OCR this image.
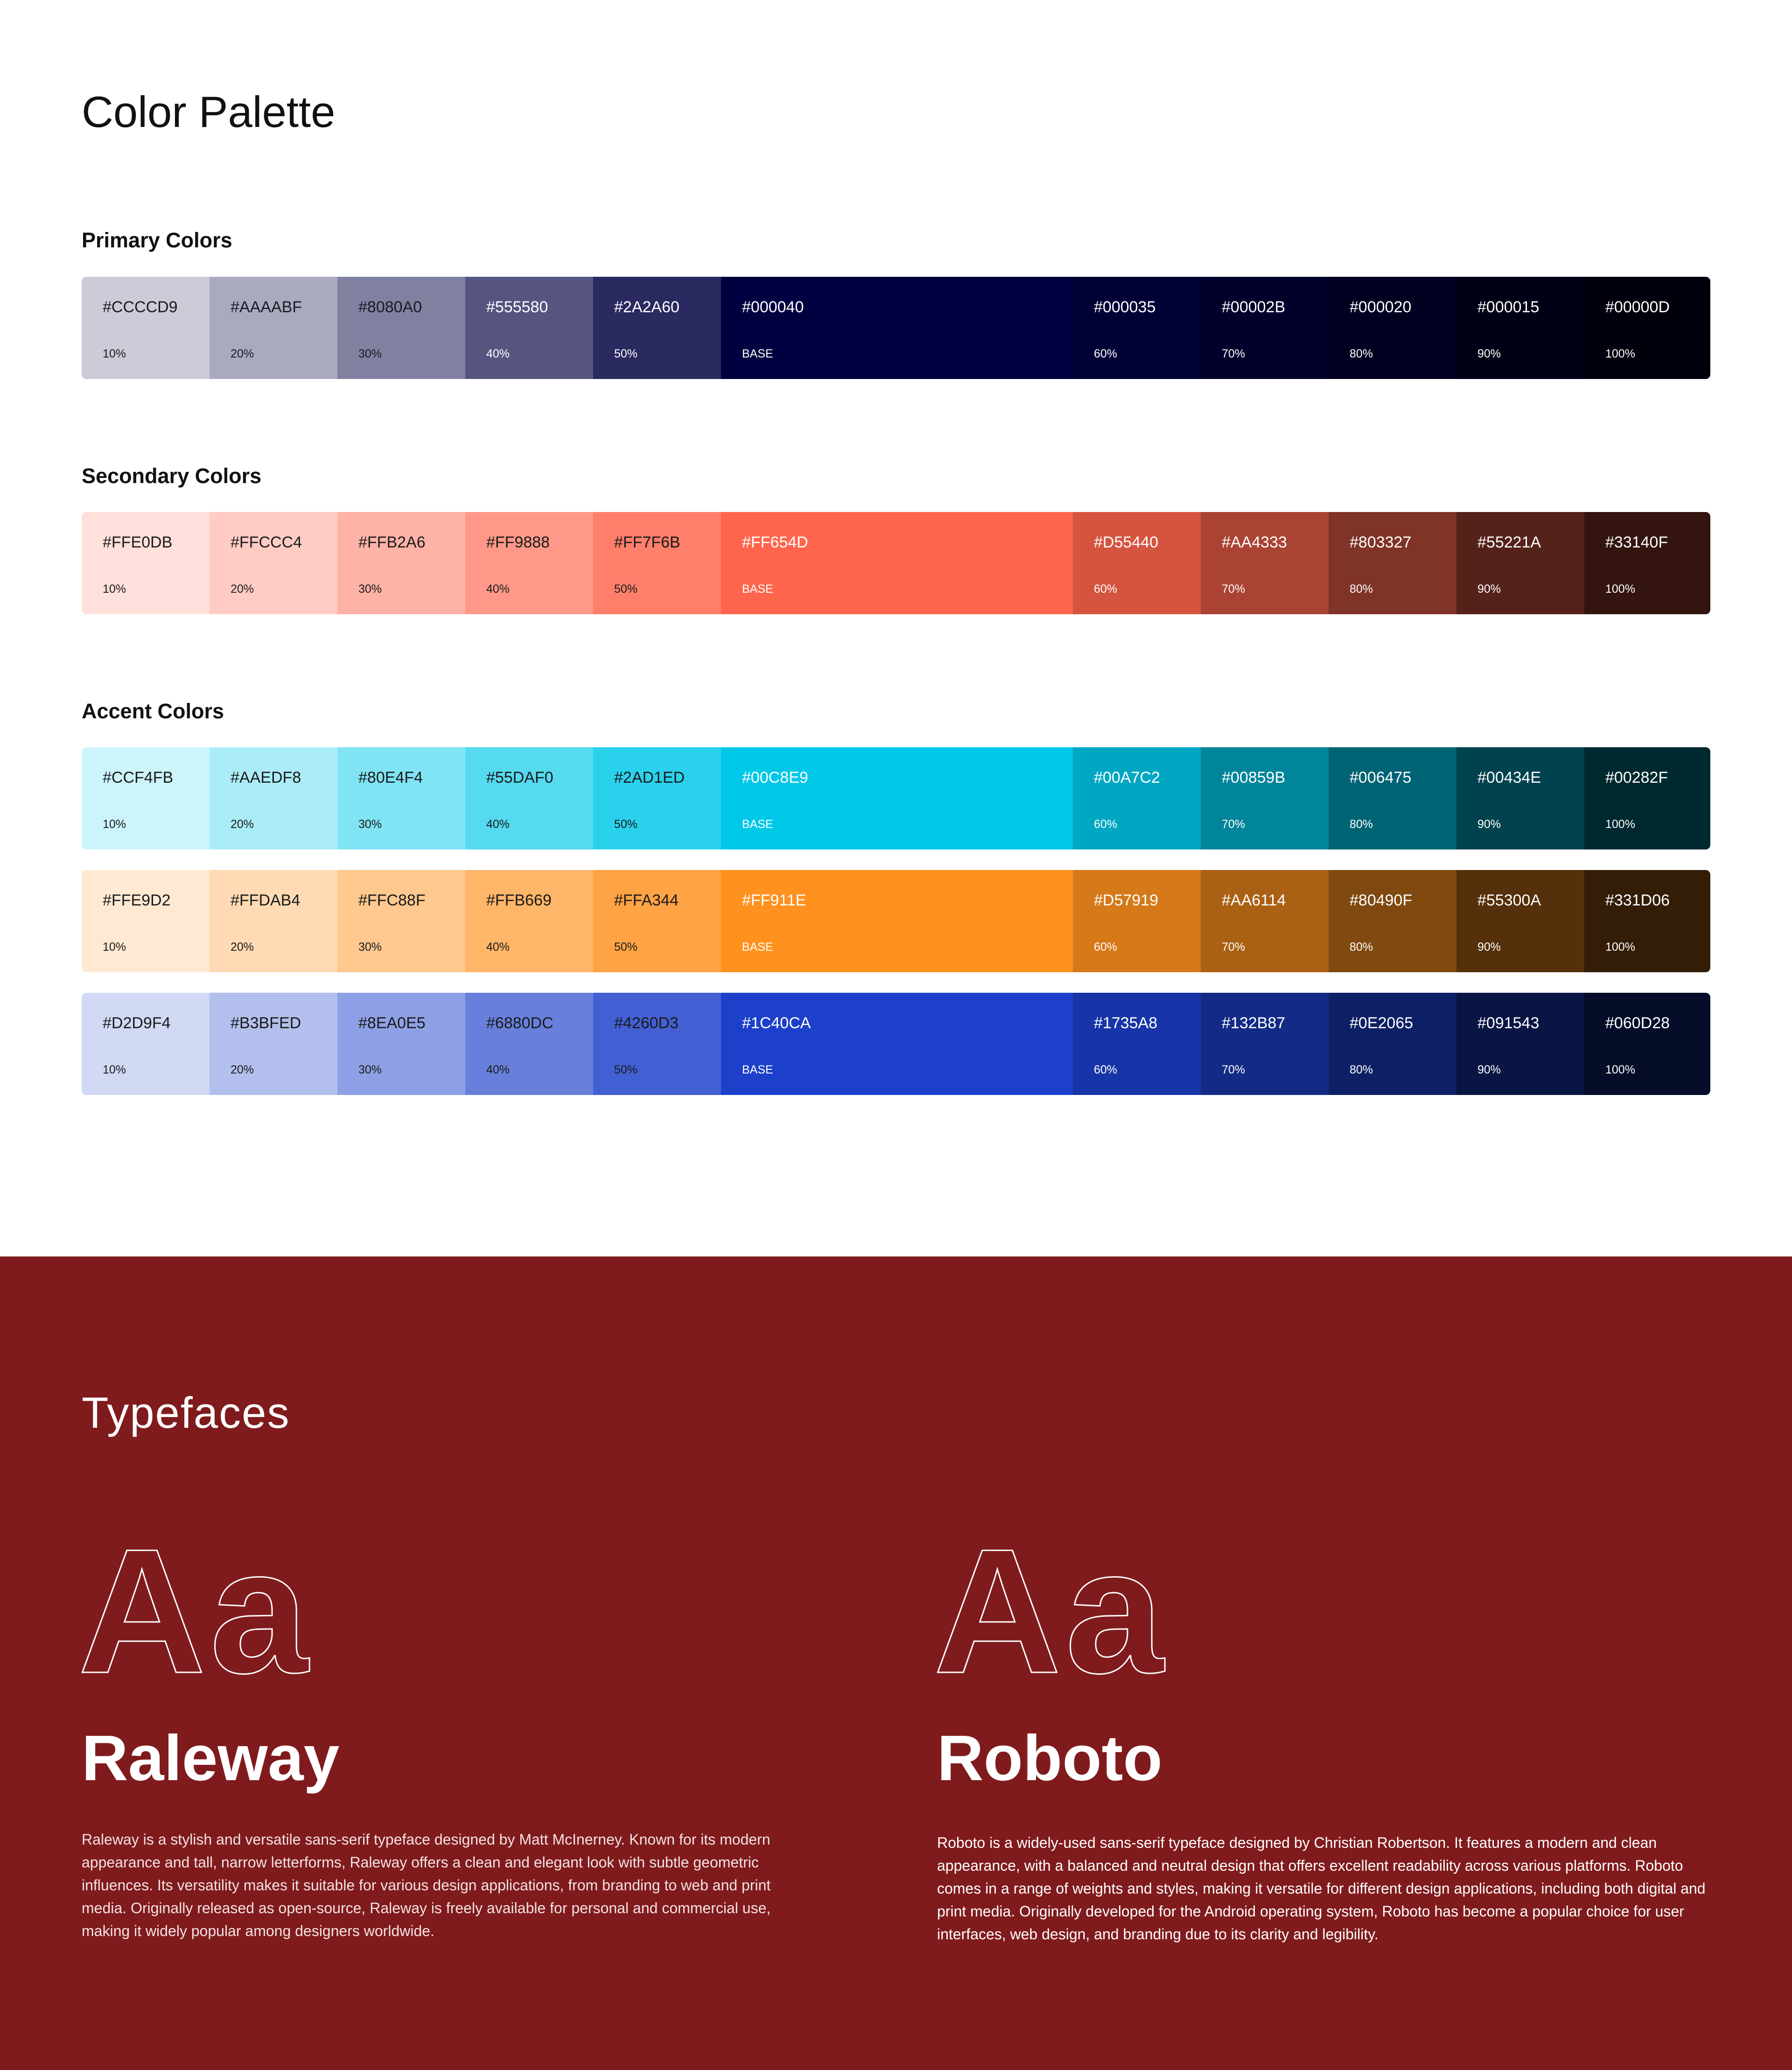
Color Palette
Primary Colors
#CCCCD9
10%
#AAAABF
20%
#8080A0
30%
#555580
40%
#2A2A60
50%
#000040
BASE
#000035
60%
#00002B
70%
#000020
80%
#000015
90%
#00000D
100%
Secondary Colors
#FFE0DB
10%
#FFCCC4
20%
#FFB2A6
30%
#FF9888
40%
#FF7F6B
50%
#FF654D
BASE
#D55440
60%
#AA4333
70%
#803327
80%
#55221A
90%
#33140F
100%
Accent Colors
#CCF4FB
10%
#AAEDF8
20%
#80E4F4
30%
#55DAF0
40%
#2AD1ED
50%
#00C8E9
BASE
#00A7C2
60%
#00859B
70%
#006475
80%
#00434E
90%
#00282F
100%
#FFE9D2
10%
#FFDAB4
20%
#FFC88F
30%
#FFB669
40%
#FFA344
50%
#FF911E
BASE
#D57919
60%
#AA6114
70%
#80490F
80%
#55300A
90%
#331D06
100%
#D2D9F4
10%
#B3BFED
20%
#8EA0E5
30%
#6880DC
40%
#4260D3
50%
#1C40CA
BASE
#1735A8
60%
#132B87
70%
#0E2065
80%
#091543
90%
#060D28
100%
Typefaces
Aa
Raleway

Raleway is a stylish and versatile sans-serif typeface designed by Matt McInerney. Known for its modern appearance and tall, narrow letterforms, Raleway offers a clean and elegant look with subtle geometric influences. Its versatility makes it suitable for various design applications, from branding to web and print media. Originally released as open-source, Raleway is freely available for personal and commercial use, making it widely popular among designers worldwide.

Aa
Roboto

Roboto is a widely-used sans-serif typeface designed by Christian Robertson. It features a modern and clean appearance, with a balanced and neutral design that offers excellent readability across various platforms. Roboto comes in a range of weights and styles, making it versatile for different design applications, including both digital and print media. Originally developed for the Android operating system, Roboto has become a popular choice for user interfaces, web design, and branding due to its clarity and legibility.
